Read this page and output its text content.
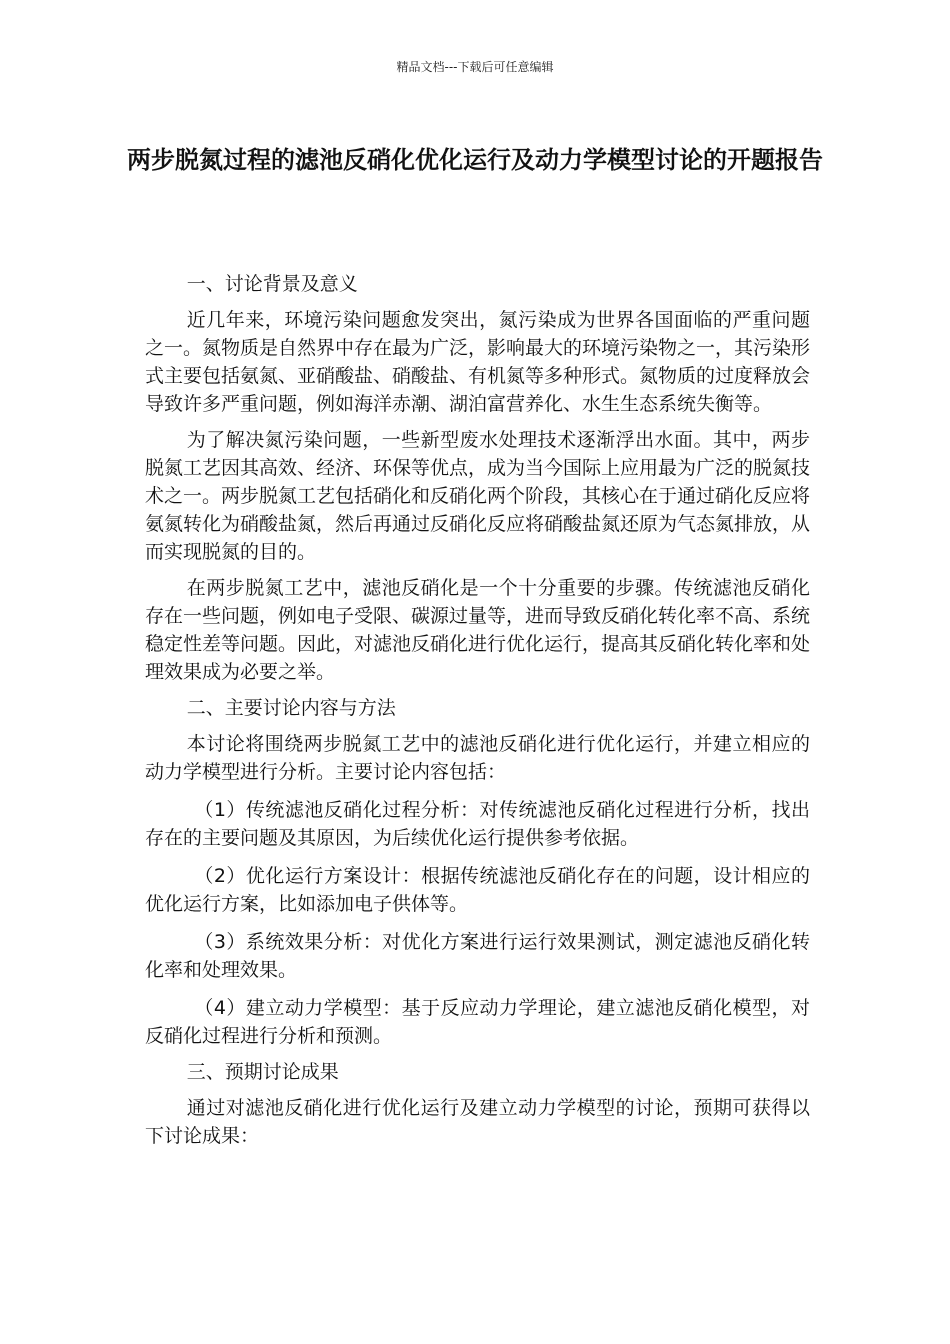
精品文档---下载后可任意编辑
两步脱氮过程的滤池反硝化优化运行及动力学模型讨论的开题报告

一、讨论背景及意义

近几年来，环境污染问题愈发突出，氮污染成为世界各国面临的严重问题之一。氮物质是自然界中存在最为广泛，影响最大的环境污染物之一，其污染形式主要包括氨氮、亚硝酸盐、硝酸盐、有机氮等多种形式。氮物质的过度释放会导致许多严重问题，例如海洋赤潮、湖泊富营养化、水生生态系统失衡等。

为了解决氮污染问题，一些新型废水处理技术逐渐浮出水面。其中，两步脱氮工艺因其高效、经济、环保等优点，成为当今国际上应用最为广泛的脱氮技术之一。两步脱氮工艺包括硝化和反硝化两个阶段，其核心在于通过硝化反应将氨氮转化为硝酸盐氮，然后再通过反硝化反应将硝酸盐氮还原为气态氮排放，从而实现脱氮的目的。

在两步脱氮工艺中，滤池反硝化是一个十分重要的步骤。传统滤池反硝化存在一些问题，例如电子受限、碳源过量等，进而导致反硝化转化率不高、系统稳定性差等问题。因此，对滤池反硝化进行优化运行，提高其反硝化转化率和处理效果成为必要之举。

二、主要讨论内容与方法

本讨论将围绕两步脱氮工艺中的滤池反硝化进行优化运行，并建立相应的动力学模型进行分析。主要讨论内容包括：

（1）传统滤池反硝化过程分析：对传统滤池反硝化过程进行分析，找出存在的主要问题及其原因，为后续优化运行提供参考依据。

（2）优化运行方案设计：根据传统滤池反硝化存在的问题，设计相应的优化运行方案，比如添加电子供体等。

（3）系统效果分析：对优化方案进行运行效果测试，测定滤池反硝化转化率和处理效果。

（4）建立动力学模型：基于反应动力学理论，建立滤池反硝化模型，对反硝化过程进行分析和预测。

三、预期讨论成果

通过对滤池反硝化进行优化运行及建立动力学模型的讨论，预期可获得以下讨论成果：
